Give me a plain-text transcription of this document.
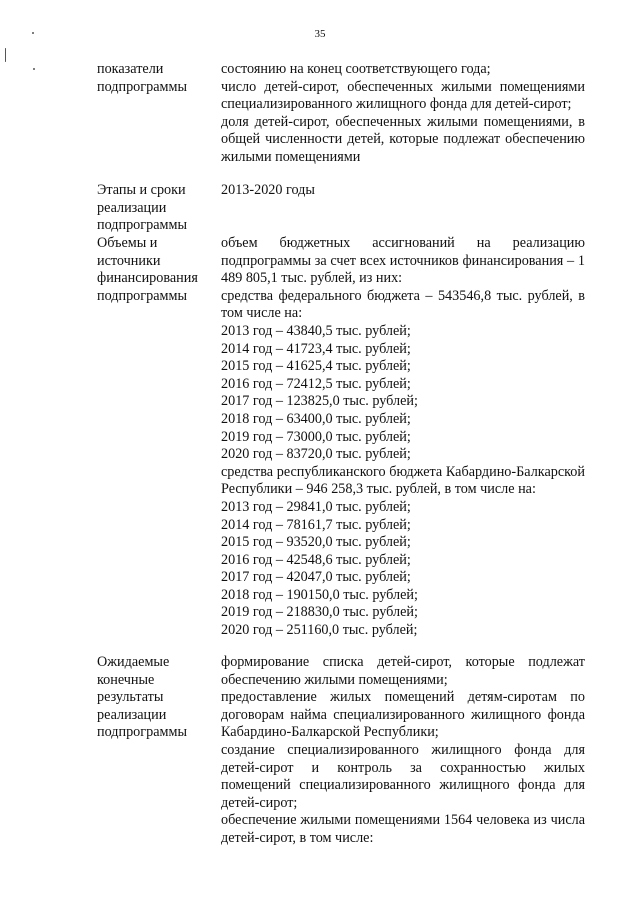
35
показатели подпрограммы

состоянию на конец соответствующего года;

число детей-сирот, обеспеченных жилыми помещениями специализированного жилищного фонда для детей-сирот;

доля детей-сирот, обеспеченных жилыми помещениями, в общей численности детей, которые подлежат обеспечению жилыми помещениями

Этапы и сроки реализации подпрограммы

2013-2020 годы

Объемы и источники финансирования подпрограммы

объем бюджетных ассигнований на реализацию подпрограммы за счет всех источников финансирования – 1 489 805,1 тыс. рублей, из них:

средства федерального бюджета – 543546,8 тыс. рублей, в том числе на:

2013 год – 43840,5 тыс. рублей;

2014 год – 41723,4 тыс. рублей;

2015 год – 41625,4 тыс. рублей;

2016 год – 72412,5 тыс. рублей;

2017 год – 123825,0 тыс. рублей;

2018 год – 63400,0 тыс. рублей;

2019 год – 73000,0 тыс. рублей;

2020 год – 83720,0 тыс. рублей;

средства республиканского бюджета Кабардино-Балкарской Республики – 946 258,3 тыс. рублей, в том числе на:

2013 год – 29841,0 тыс. рублей;

2014 год – 78161,7 тыс. рублей;

2015 год – 93520,0 тыс. рублей;

2016 год – 42548,6 тыс. рублей;

2017 год – 42047,0 тыс. рублей;

2018 год – 190150,0 тыс. рублей;

2019 год – 218830,0 тыс. рублей;

2020 год – 251160,0 тыс. рублей;

Ожидаемые конечные результаты реализации подпрограммы

формирование списка детей-сирот, которые подлежат обеспечению жилыми помещениями;

предоставление жилых помещений детям-сиротам по договорам найма специализированного жилищного фонда Кабардино-Балкарской Республики;

создание специализированного жилищного фонда для детей-сирот и контроль за сохранностью жилых помещений специализированного жилищного фонда для детей-сирот;

обеспечение жилыми помещениями 1564 человека из числа детей-сирот, в том числе:
